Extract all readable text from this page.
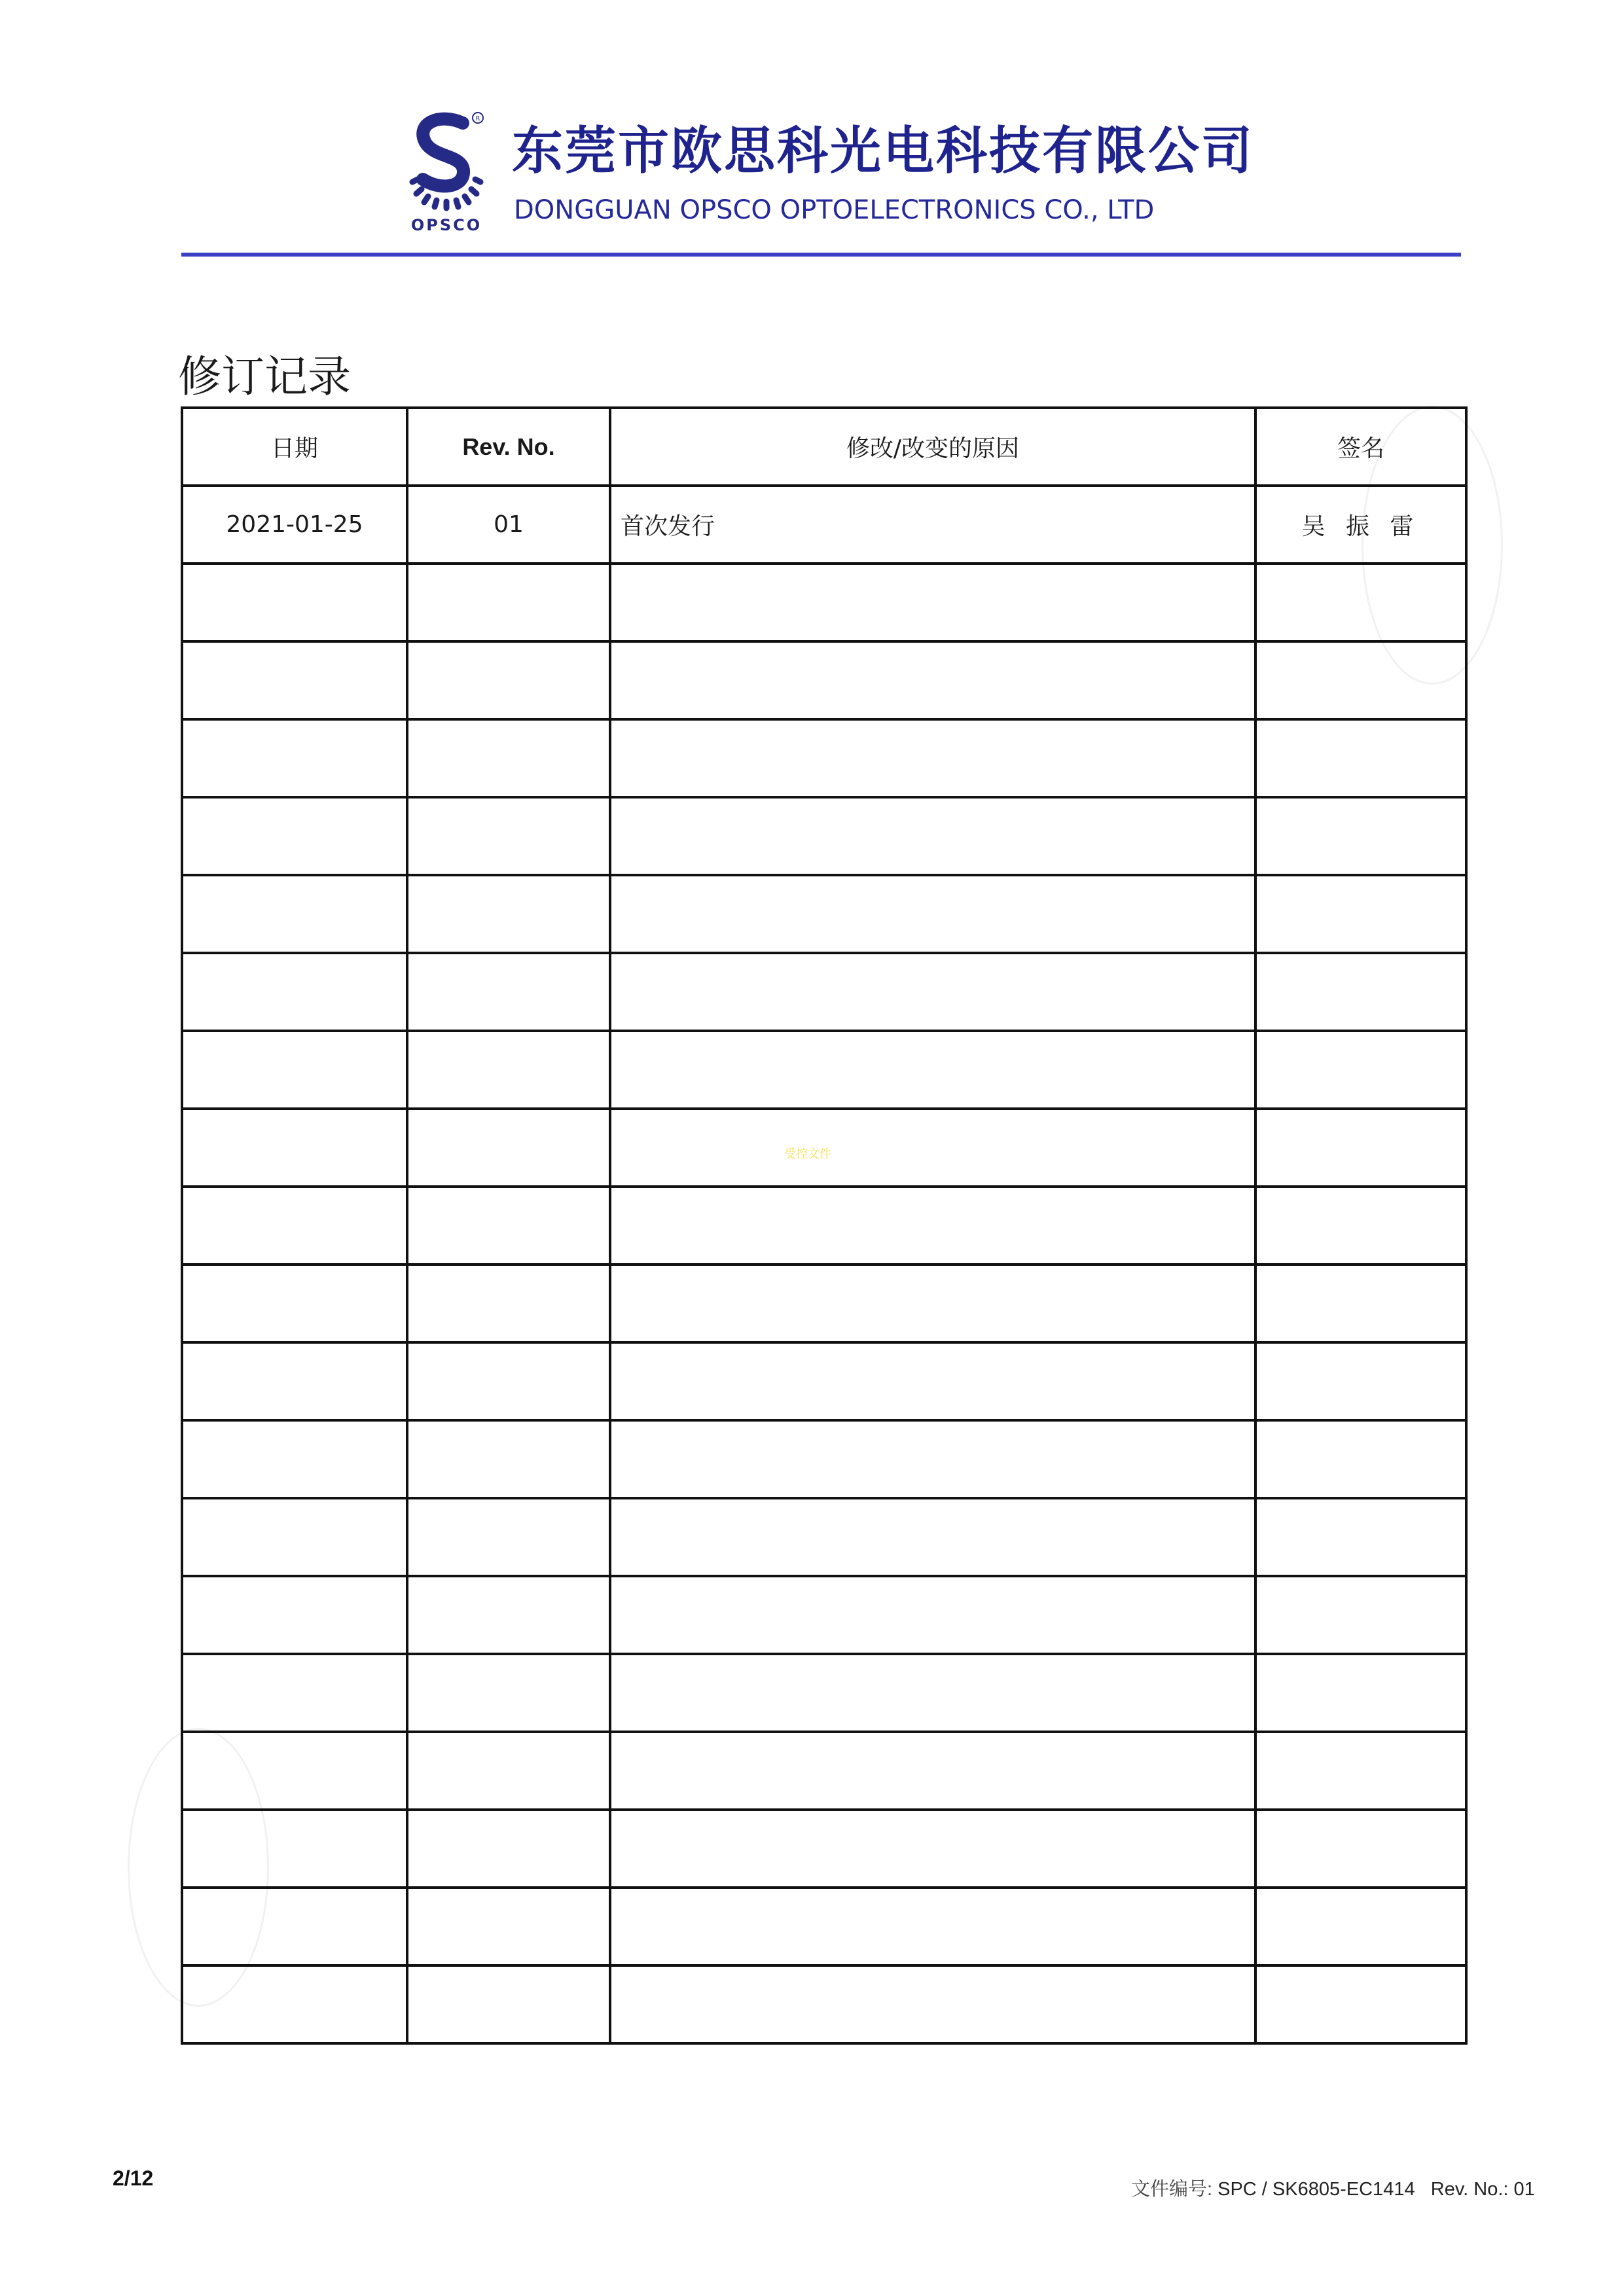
R
OPSCO
东莞市欧思科光电科技有限公司
DONGGUAN OPSCO OPTOELECTRONICS CO., LTD
修订记录
受控文件
日期	Rev. No.	修改/改变的原因	签名
2021-01-25	01	首次发行	吴 振 雷

2/12	文件编号: SPC / SK6805-EC1414 Rev. No.: 01
